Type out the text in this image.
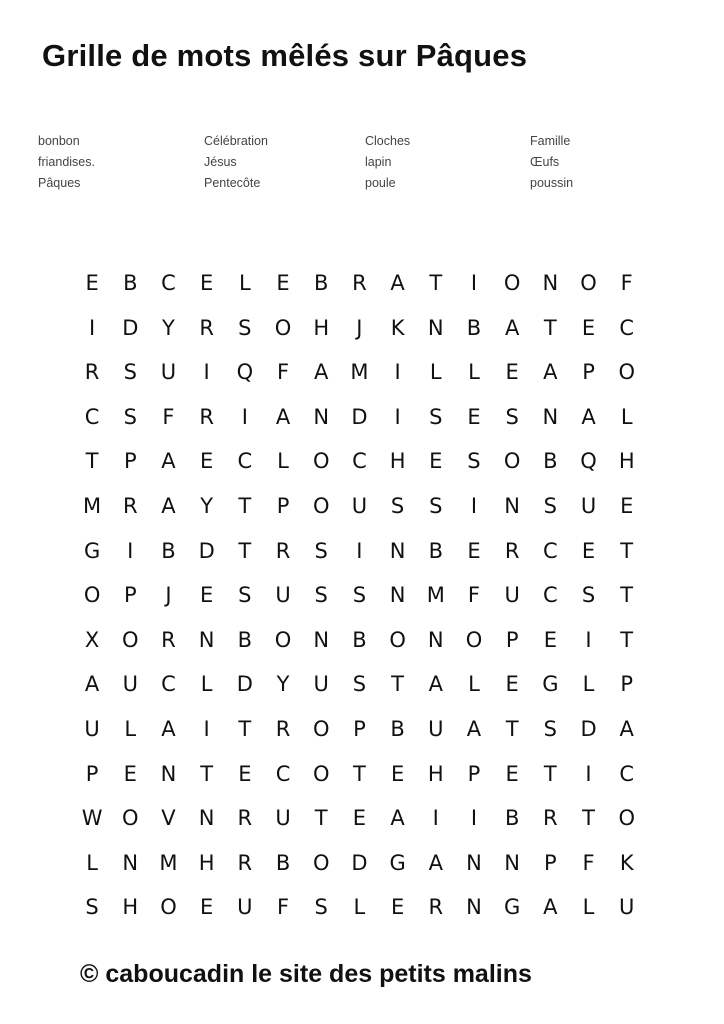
Grille de mots mêlés sur Pâques
bonbon	Célébration	Cloches	Famille
friandises.	Jésus	lapin	Œufs
Pâques	Pentecôte	poule	poussin
E	B	C	E	L	E	B	R	A	T	I	O	N	O	F
I	D	Y	R	S	O	H	J	K	N	B	A	T	E	C
R	S	U	I	Q	F	A	M	I	L	L	E	A	P	O
C	S	F	R	I	A	N	D	I	S	E	S	N	A	L
T	P	A	E	C	L	O	C	H	E	S	O	B	Q	H
M	R	A	Y	T	P	O	U	S	S	I	N	S	U	E
G	I	B	D	T	R	S	I	N	B	E	R	C	E	T
O	P	J	E	S	U	S	S	N	M	F	U	C	S	T
X	O	R	N	B	O	N	B	O	N	O	P	E	I	T
A	U	C	L	D	Y	U	S	T	A	L	E	G	L	P
U	L	A	I	T	R	O	P	B	U	A	T	S	D	A
P	E	N	T	E	C	O	T	E	H	P	E	T	I	C
W O	V	N	R	U	T	E	A	I	I	B	R	T	O
L	N	M	H	R	B	O	D	G	A	N	N	P	F	K
S	H	O	E	U	F	S	L	E	R	N	G	A	L	U
© caboucadin le site des petits malins
